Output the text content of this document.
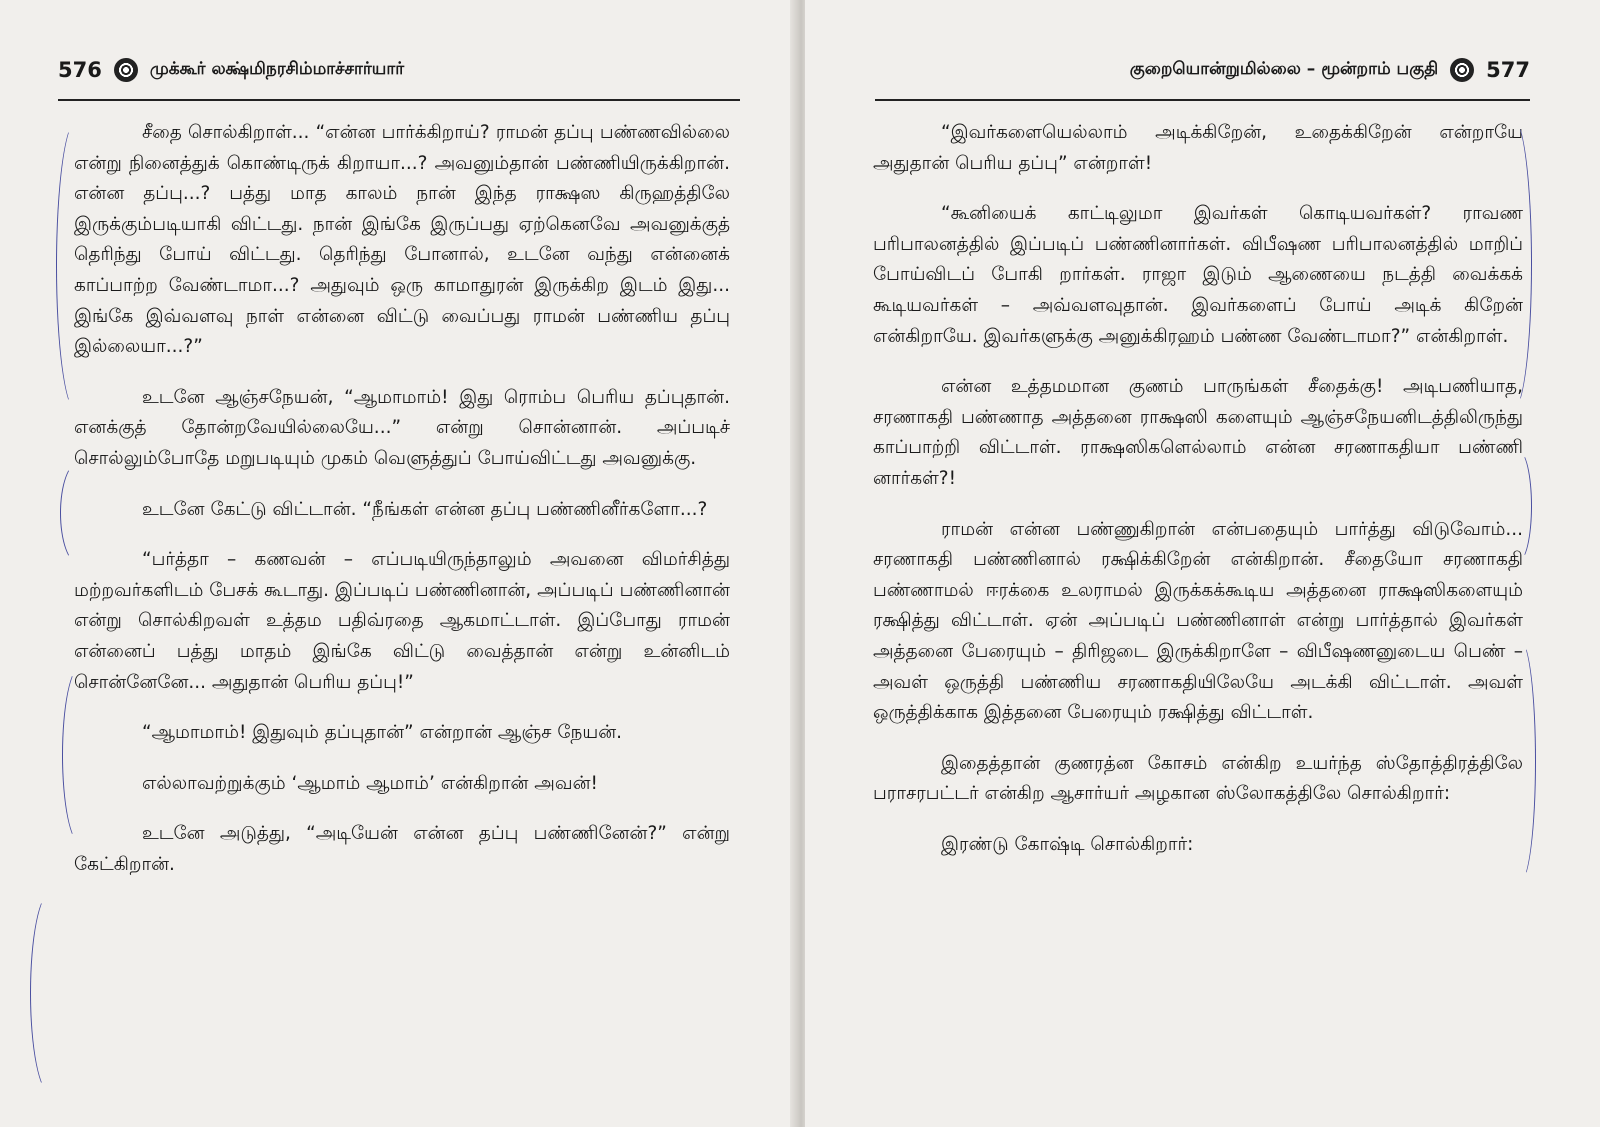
576	முக்கூர் லக்ஷ்மிநரசிம்மாச்சார்யார்

சீதை சொல்கிறாள்... “என்ன பார்க்கிறாய்? ராமன் தப்பு பண்ணவில்லை என்று நினைத்துக் கொண்டிருக் கிறாயா...? அவனும்தான் பண்ணியிருக்கிறான். என்ன தப்பு...? பத்து மாத காலம் நான் இந்த ராக்ஷஸ கிருஹத்திலே இருக்கும்படியாகி விட்டது. நான் இங்கே இருப்பது ஏற்கெனவே அவனுக்குத் தெரிந்து போய் விட்டது. தெரிந்து போனால், உடனே வந்து என்னைக் காப்பாற்ற வேண்டாமா...? அதுவும் ஒரு காமாதுரன் இருக்கிற இடம் இது... இங்கே இவ்வளவு நாள் என்னை விட்டு வைப்பது ராமன் பண்ணிய தப்பு இல்லையா...?”

உடனே ஆஞ்சநேயன், “ஆமாமாம்! இது ரொம்ப பெரிய தப்புதான். எனக்குத் தோன்றவேயில்லையே...” என்று சொன்னான். அப்படிச் சொல்லும்போதே மறுபடியும் முகம் வெளுத்துப் போய்விட்டது அவனுக்கு.

உடனே கேட்டு விட்டான். “நீங்கள் என்ன தப்பு பண்ணினீர்களோ...?

“பர்த்தா – கணவன் – எப்படியிருந்தாலும் அவனை விமர்சித்து மற்றவர்களிடம் பேசக் கூடாது. இப்படிப் பண்ணினான், அப்படிப் பண்ணினான் என்று சொல்கிறவள் உத்தம பதிவ்ரதை ஆகமாட்டாள். இப்போது ராமன் என்னைப் பத்து மாதம் இங்கே விட்டு வைத்தான் என்று உன்னிடம் சொன்னேனே... அதுதான் பெரிய தப்பு!”

“ஆமாமாம்! இதுவும் தப்புதான்” என்றான் ஆஞ்ச நேயன்.

எல்லாவற்றுக்கும் ‘ஆமாம் ஆமாம்’ என்கிறான் அவன்!

உடனே அடுத்து, “அடியேன் என்ன தப்பு பண்ணினேன்?” என்று கேட்கிறான்.

குறையொன்றுமில்லை – மூன்றாம் பகுதி 577

“இவர்களையெல்லாம் அடிக்கிறேன், உதைக்கிறேன் என்றாயே அதுதான் பெரிய தப்பு” என்றாள்!

“கூனியைக் காட்டிலுமா இவர்கள் கொடியவர்கள்? ராவண பரிபாலனத்தில் இப்படிப் பண்ணினார்கள். விபீஷண பரிபாலனத்தில் மாறிப் போய்விடப் போகி றார்கள். ராஜா இடும் ஆணையை நடத்தி வைக்கக் கூடியவர்கள் – அவ்வளவுதான். இவர்களைப் போய் அடிக் கிறேன் என்கிறாயே. இவர்களுக்கு அனுக்கிரஹம் பண்ண வேண்டாமா?” என்கிறாள்.

என்ன உத்தமமான குணம் பாருங்கள் சீதைக்கு! அடிபணியாத, சரணாகதி பண்ணாத அத்தனை ராக்ஷஸி களையும் ஆஞ்சநேயனிடத்திலிருந்து காப்பாற்றி விட்டாள். ராக்ஷஸிகளெல்லாம் என்ன சரணாகதியா பண்ணி னார்கள்?!

ராமன் என்ன பண்ணுகிறான் என்பதையும் பார்த்து விடுவோம்... சரணாகதி பண்ணினால் ரக்ஷிக்கிறேன் என்கிறான். சீதையோ சரணாகதி பண்ணாமல் ஈரக்கை உலராமல் இருக்கக்கூடிய அத்தனை ராக்ஷஸிகளையும் ரக்ஷித்து விட்டாள். ஏன் அப்படிப் பண்ணினாள் என்று பார்த்தால் இவர்கள் அத்தனை பேரையும் – திரிஜடை இருக்கிறாளே – விபீஷணனுடைய பெண் – அவள் ஒருத்தி பண்ணிய சரணாகதியிலேயே அடக்கி விட்டாள். அவள் ஒருத்திக்காக இத்தனை பேரையும் ரக்ஷித்து விட்டாள்.

இதைத்தான் குணரத்ன கோசம் என்கிற உயர்ந்த ஸ்தோத்திரத்திலே பராசரபட்டர் என்கிற ஆசார்யர் அழகான ஸ்லோகத்திலே சொல்கிறார்:

இரண்டு கோஷ்டி சொல்கிறார்:
